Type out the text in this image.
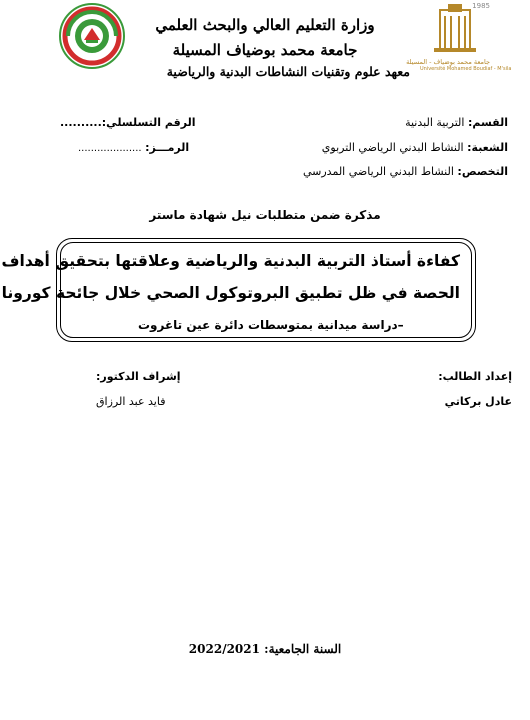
1985
جامعة محمد بوضياف - المسيلة
Université Mohamed Boudiaf - M'sila
وزارة التعليم العالي والبحث العلمي
جامعة محمد بوضياف المسيلة
معهد علوم وتقنيات النشاطات البدنية والرياضية
القسم: التربية البدنية
الرقم التسلسلي:..........
الشعبة: النشاط البدني الرياضي التربوي
الرمـــز: ....................
التخصص: النشاط البدني الرياضي المدرسي
مذكرة ضمن متطلبات نيل شهادة ماستر
كفاءة أستاذ التربية البدنية والرياضية وعلاقتها بتحقيق أهداف
الحصة في ظل تطبيق البروتوكول الصحي خلال جائحة كورونا
–دراسة ميدانية بمتوسطات دائرة عين تاغروت
إعداد الطالب:
عادل بركاتي
إشراف الدكتور:
فايد عبد الرزاق
السنة الجامعية: 2022/2021
